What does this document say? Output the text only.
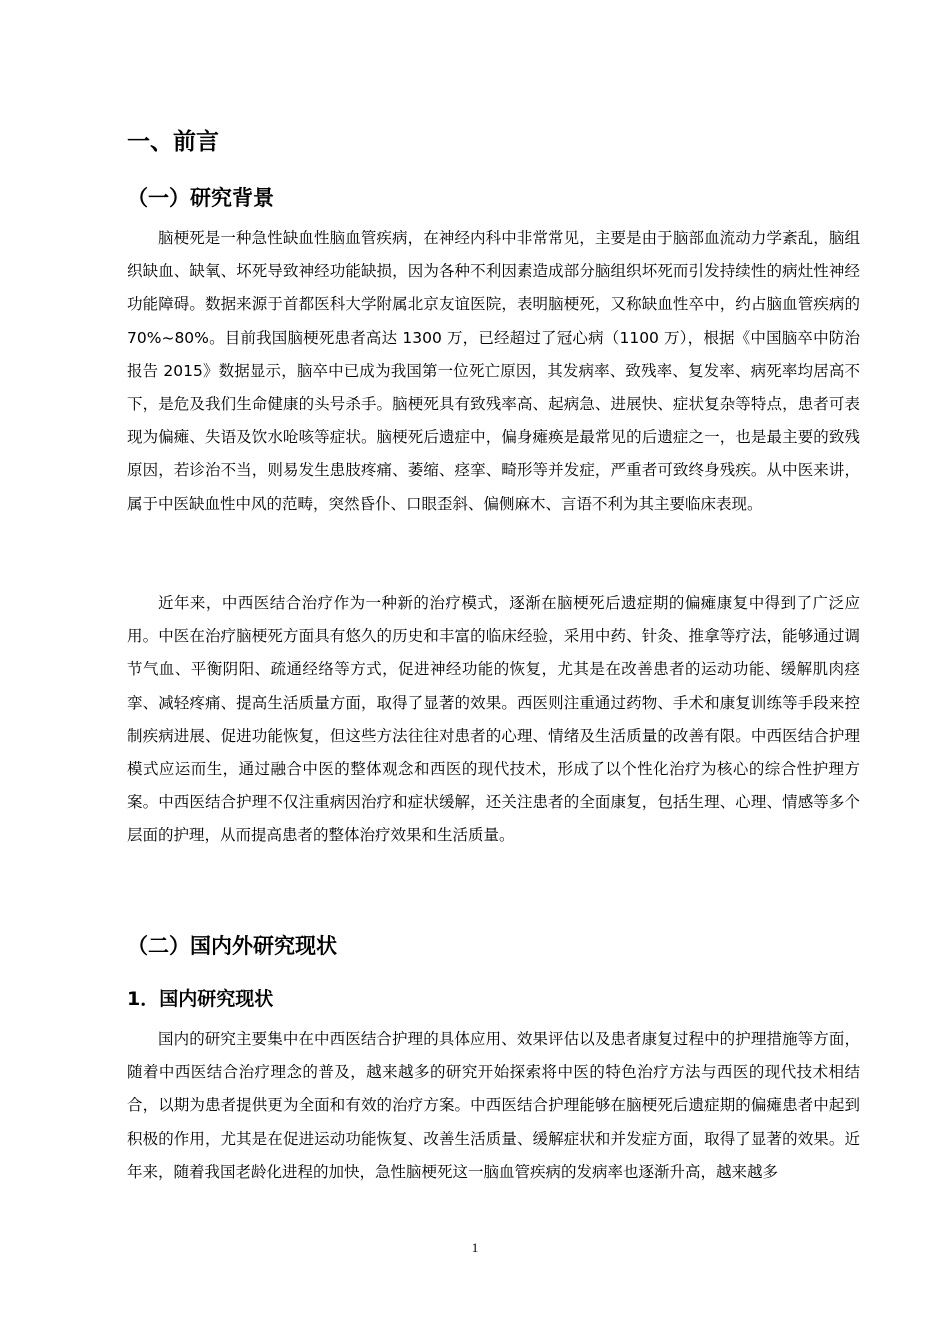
一、前言
（一）研究背景

脑梗死是一种急性缺血性脑血管疾病，在神经内科中非常常见，主要是由于脑部血流动力学紊乱，脑组织缺血、缺氧、坏死导致神经功能缺损，因为各种不利因素造成部分脑组织坏死而引发持续性的病灶性神经功能障碍。数据来源于首都医科大学附属北京友谊医院，表明脑梗死，又称缺血性卒中，约占脑血管疾病的 70%~80%。目前我国脑梗死患者高达 1300 万，已经超过了冠心病（1100 万），根据《中国脑卒中防治报告 2015》数据显示，脑卒中已成为我国第一位死亡原因，其发病率、致残率、复发率、病死率均居高不下，是危及我们生命健康的头号杀手。脑梗死具有致残率高、起病急、进展快、症状复杂等特点，患者可表现为偏瘫、失语及饮水呛咳等症状。脑梗死后遗症中，偏身瘫痪是最常见的后遗症之一，也是最主要的致残原因，若诊治不当，则易发生患肢疼痛、萎缩、痉挛、畸形等并发症，严重者可致终身残疾。从中医来讲，属于中医缺血性中风的范畴，突然昏仆、口眼歪斜、偏侧麻木、言语不利为其主要临床表现。

近年来，中西医结合治疗作为一种新的治疗模式，逐渐在脑梗死后遗症期的偏瘫康复中得到了广泛应用。中医在治疗脑梗死方面具有悠久的历史和丰富的临床经验，采用中药、针灸、推拿等疗法，能够通过调节气血、平衡阴阳、疏通经络等方式，促进神经功能的恢复，尤其是在改善患者的运动功能、缓解肌肉痉挛、减轻疼痛、提高生活质量方面，取得了显著的效果。西医则注重通过药物、手术和康复训练等手段来控制疾病进展、促进功能恢复，但这些方法往往对患者的心理、情绪及生活质量的改善有限。中西医结合护理模式应运而生，通过融合中医的整体观念和西医的现代技术，形成了以个性化治疗为核心的综合性护理方案。中西医结合护理不仅注重病因治疗和症状缓解，还关注患者的全面康复，包括生理、心理、情感等多个层面的护理，从而提高患者的整体治疗效果和生活质量。

（二）国内外研究现状
1．国内研究现状

国内的研究主要集中在中西医结合护理的具体应用、效果评估以及患者康复过程中的护理措施等方面，随着中西医结合治疗理念的普及，越来越多的研究开始探索将中医的特色治疗方法与西医的现代技术相结合，以期为患者提供更为全面和有效的治疗方案。中西医结合护理能够在脑梗死后遗症期的偏瘫患者中起到积极的作用，尤其是在促进运动功能恢复、改善生活质量、缓解症状和并发症方面，取得了显著的效果。近年来，随着我国老龄化进程的加快，急性脑梗死这一脑血管疾病的发病率也逐渐升高，越来越多

1
